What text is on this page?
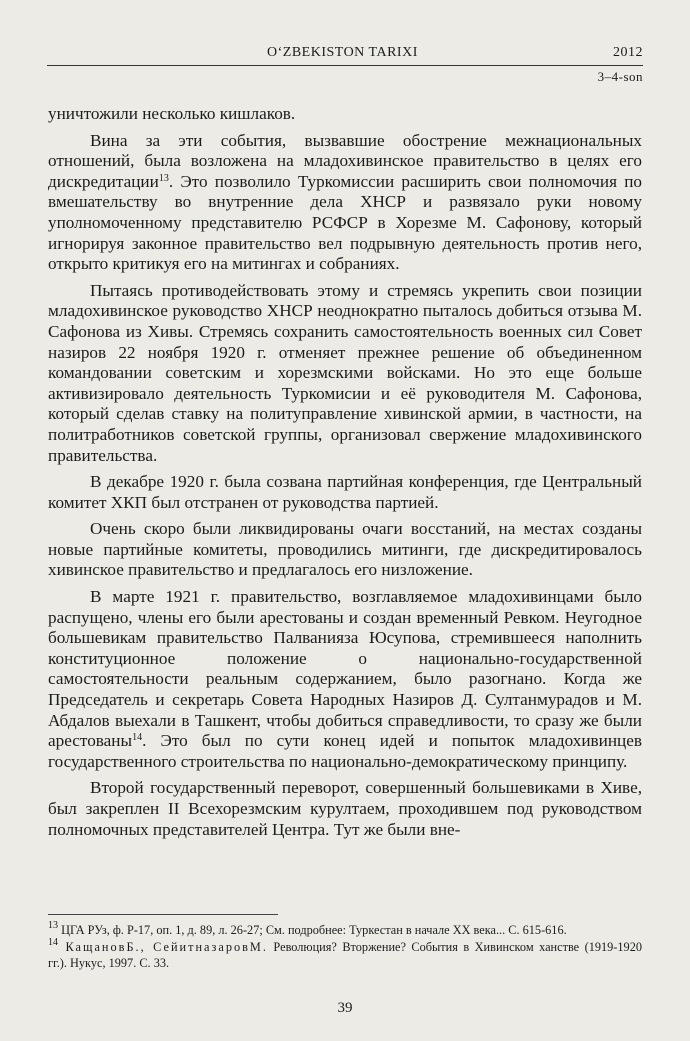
O‘ZBEKISTON TARIXI	2012
3–4-son

уничтожили несколько кишлаков.

Вина за эти события, вызвавшие обострение межнациональных отношений, была возложена на младохивинское правительство в целях его дискредитации$^{13}$. Это позволило Туркомиссии расширить свои полномочия по вмешательству во внутренние дела ХНСР и развязало руки новому уполномоченному представителю РСФСР в Хорезме М. Сафонову, который игнорируя законное правительство вел подрывную деятельность против него, открыто критикуя его на митингах и собраниях.

Пытаясь противодействовать этому и стремясь укрепить свои позиции младохивинское руководство ХНСР неоднократно пыталось добиться отзыва М. Сафонова из Хивы. Стремясь сохранить самостоятельность военных сил Совет назиров 22 ноября 1920 г. отменяет прежнее решение об объединенном командовании советским и хорезмскими войсками. Но это еще больше активизировало деятельность Туркомисии и её руководителя М. Сафонова, который сделав ставку на политуправление хивинской армии, в частности, на политработников советской группы, организовал свержение младохивинского правительства.

В декабре 1920 г. была созвана партийная конференция, где Центральный комитет ХКП был отстранен от руководства партией.

Очень скоро были ликвидированы очаги восстаний, на местах созданы новые партийные комитеты, проводились митинги, где дискредитировалось хивинское правительство и предлагалось его низложение.

В марте 1921 г. правительство, возглавляемое младохивинцами было распущено, члены его были арестованы и создан временный Ревком. Неугодное большевикам правительство Палванияза Юсупова, стремившееся наполнить конституционное положение о национально-государственной самостоятельности реальным содержанием, было разогнано. Когда же Председатель и секретарь Совета Народных Назиров Д. Султанмурадов и М. Абдалов выехали в Ташкент, чтобы добиться справедливости, то сразу же были арестованы$^{14}$. Это был по сути конец идей и попыток младохивинцев государственного строительства по национально-демократическому принципу.

Второй государственный переворот, совершенный большевиками в Хиве, был закреплен II Всехорезмским курултаем, проходившем под руководством полномочных представителей Центра. Тут же были вне-

$^{13}$ ЦГА РУз, ф. Р-17, оп. 1, д. 89, л. 26-27; См. подробнее: Туркестан в начале ХХ века... С. 615-616.

$^{14}$ КащановБ., СейитназаровМ. Революция? Вторжение? События в Хивинском ханстве (1919-1920 гг.). Нукус, 1997. С. 33.

39
